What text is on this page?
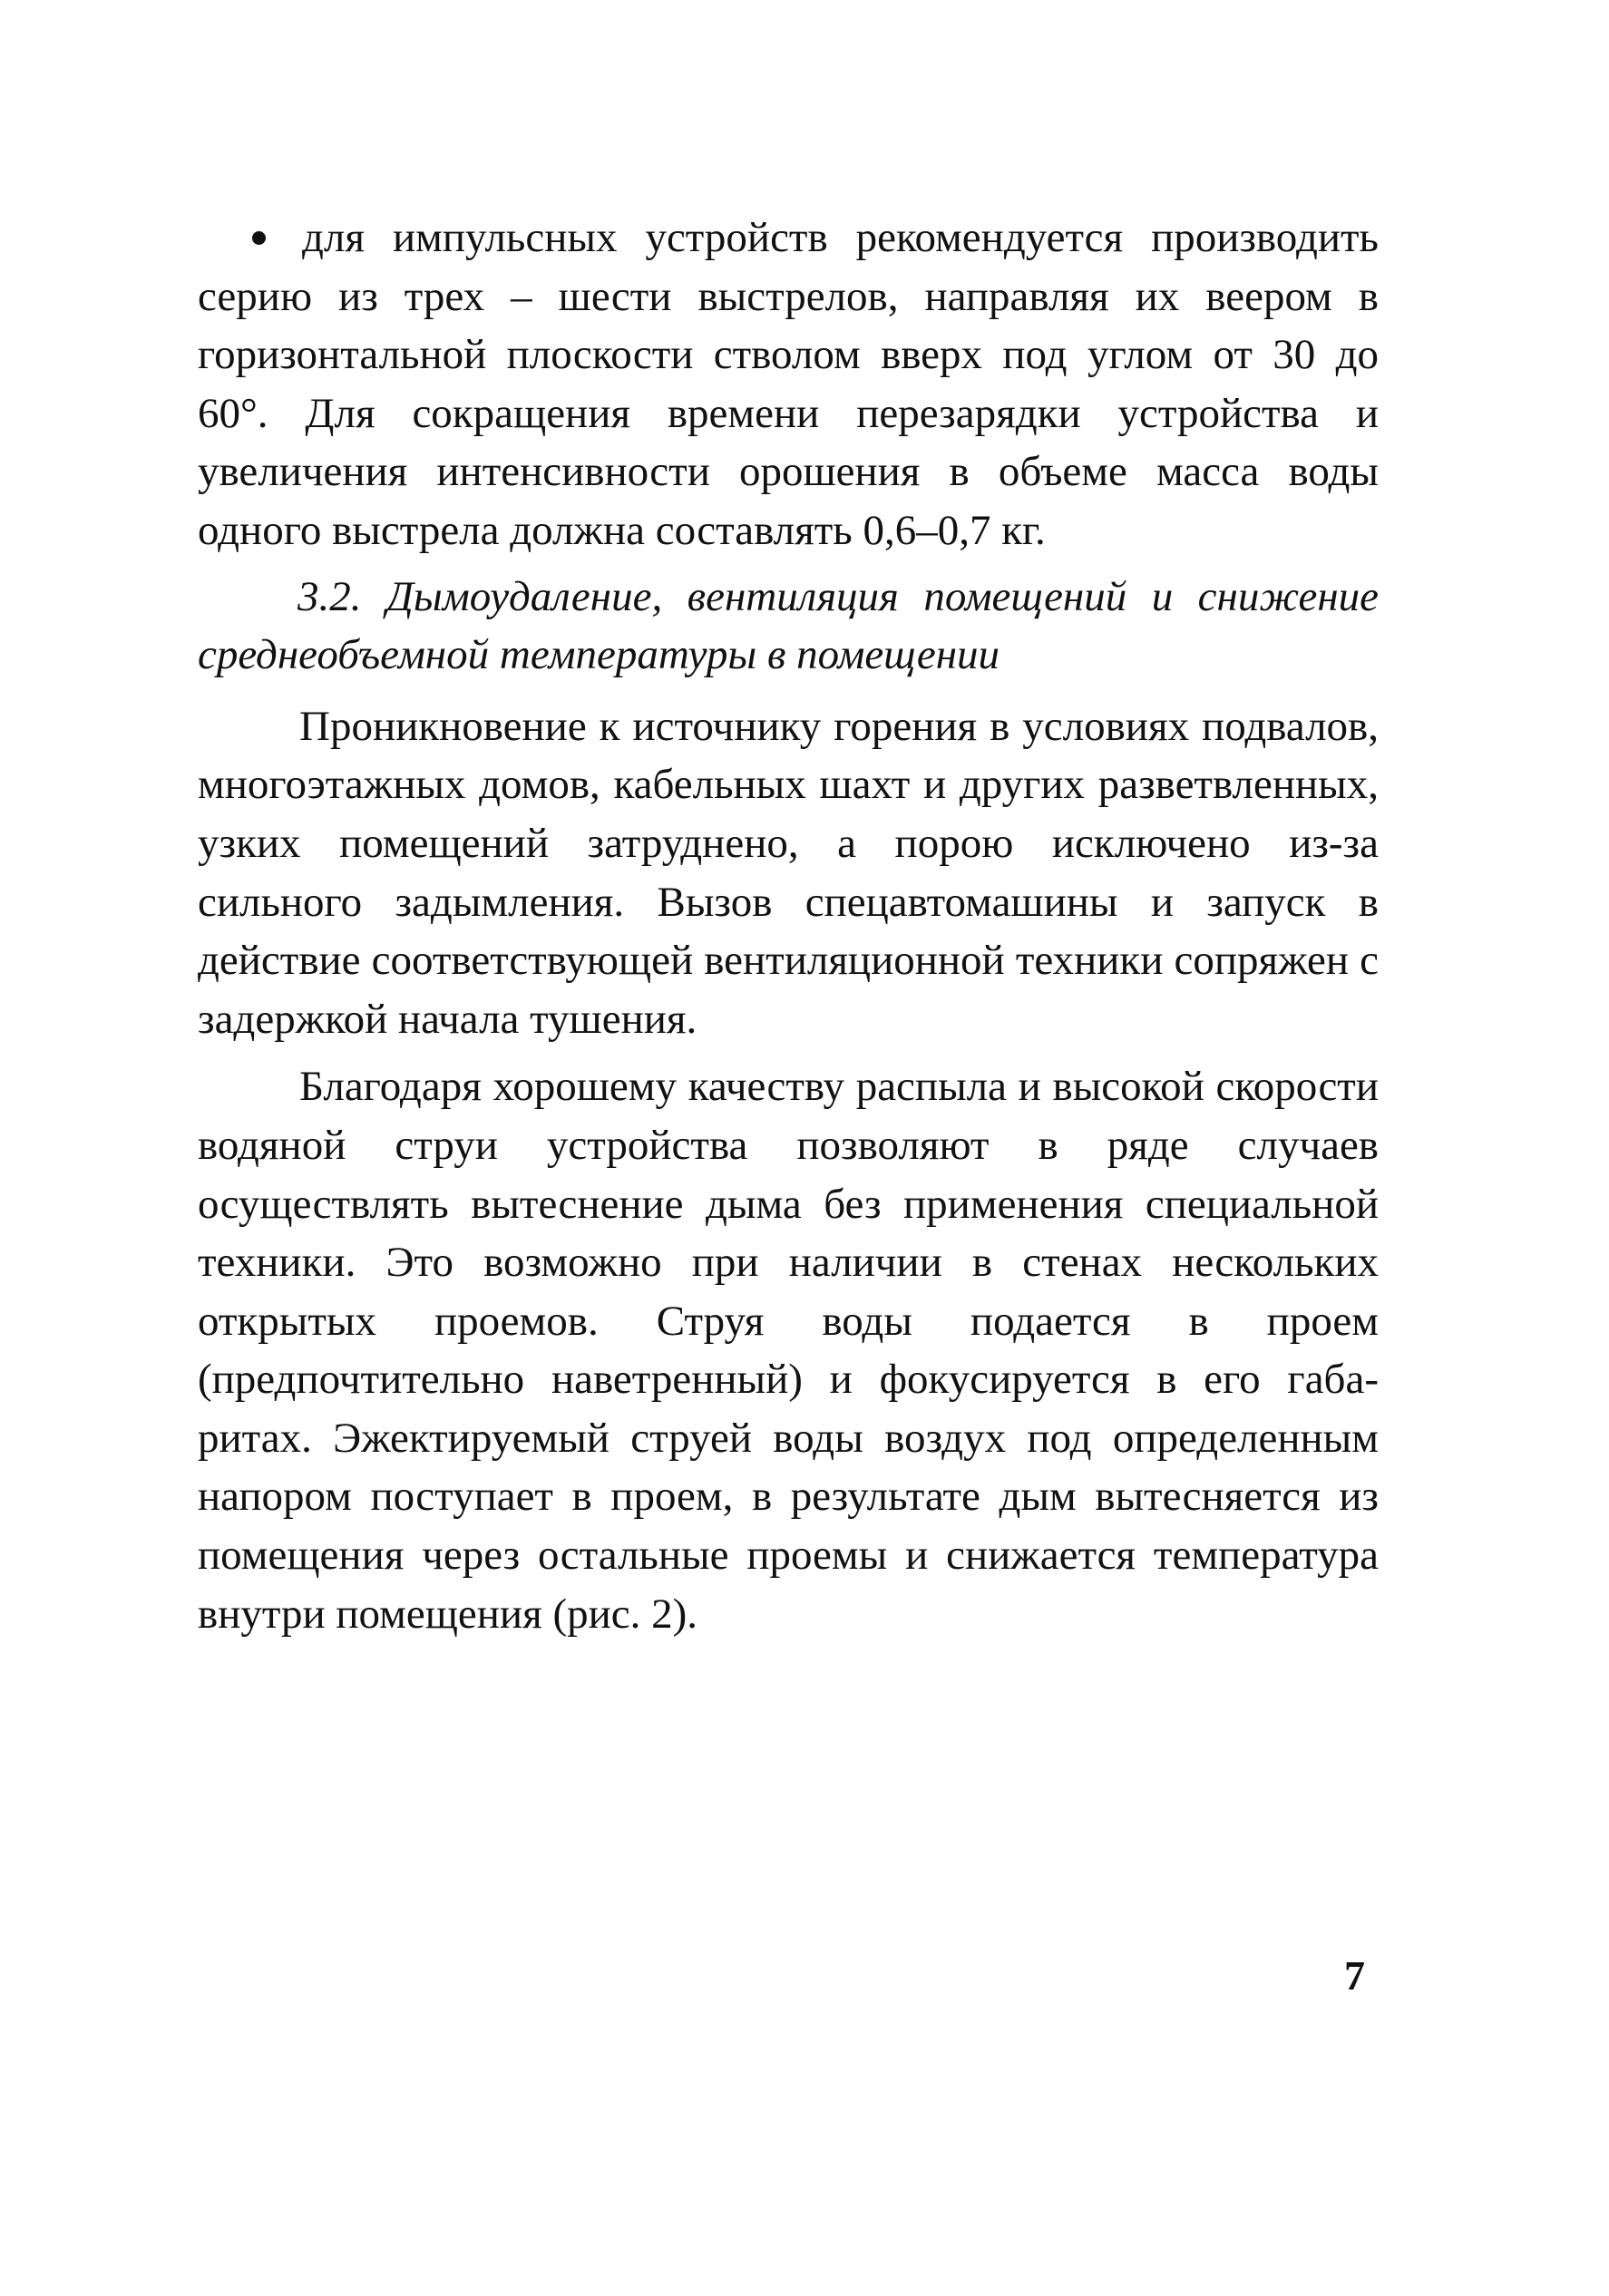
для импульсных устройств рекомендуется производить серию из трех – шести выстрелов, направляя их веером в горизонтальной плоскости стволом вверх под углом от 30 до 60°. Для сокращения времени перезарядки устройства и увеличения интенсивности орошения в объеме масса воды одного выстрела должна составлять 0,6–0,7 кг.

3.2. Дымоудаление, вентиляция помещений и снижение среднеобъемной температуры в помещении

Проникновение к источнику горения в условиях подвалов, многоэтажных домов, кабельных шахт и других разветвленных, узких помещений затруднено, а порою исключено из-за сильного задымления. Вызов спецавтомашины и запуск в действие соответствующей вентиляционной техники сопряжен с задержкой начала тушения.

Благодаря хорошему качеству распыла и высокой скорости водяной струи устройства позволяют в ряде случаев осуществлять вытеснение дыма без применения специальной техники. Это возможно при наличии в стенах нескольких открытых проемов. Струя воды подается в проем (предпочтительно наветренный) и фокусируется в его габаритах. Эжектируемый струей воды воздух под определенным напором поступает в проем, в результате дым вытесняется из помещения через остальные проемы и снижается температура внутри помещения (рис. 2).

7
